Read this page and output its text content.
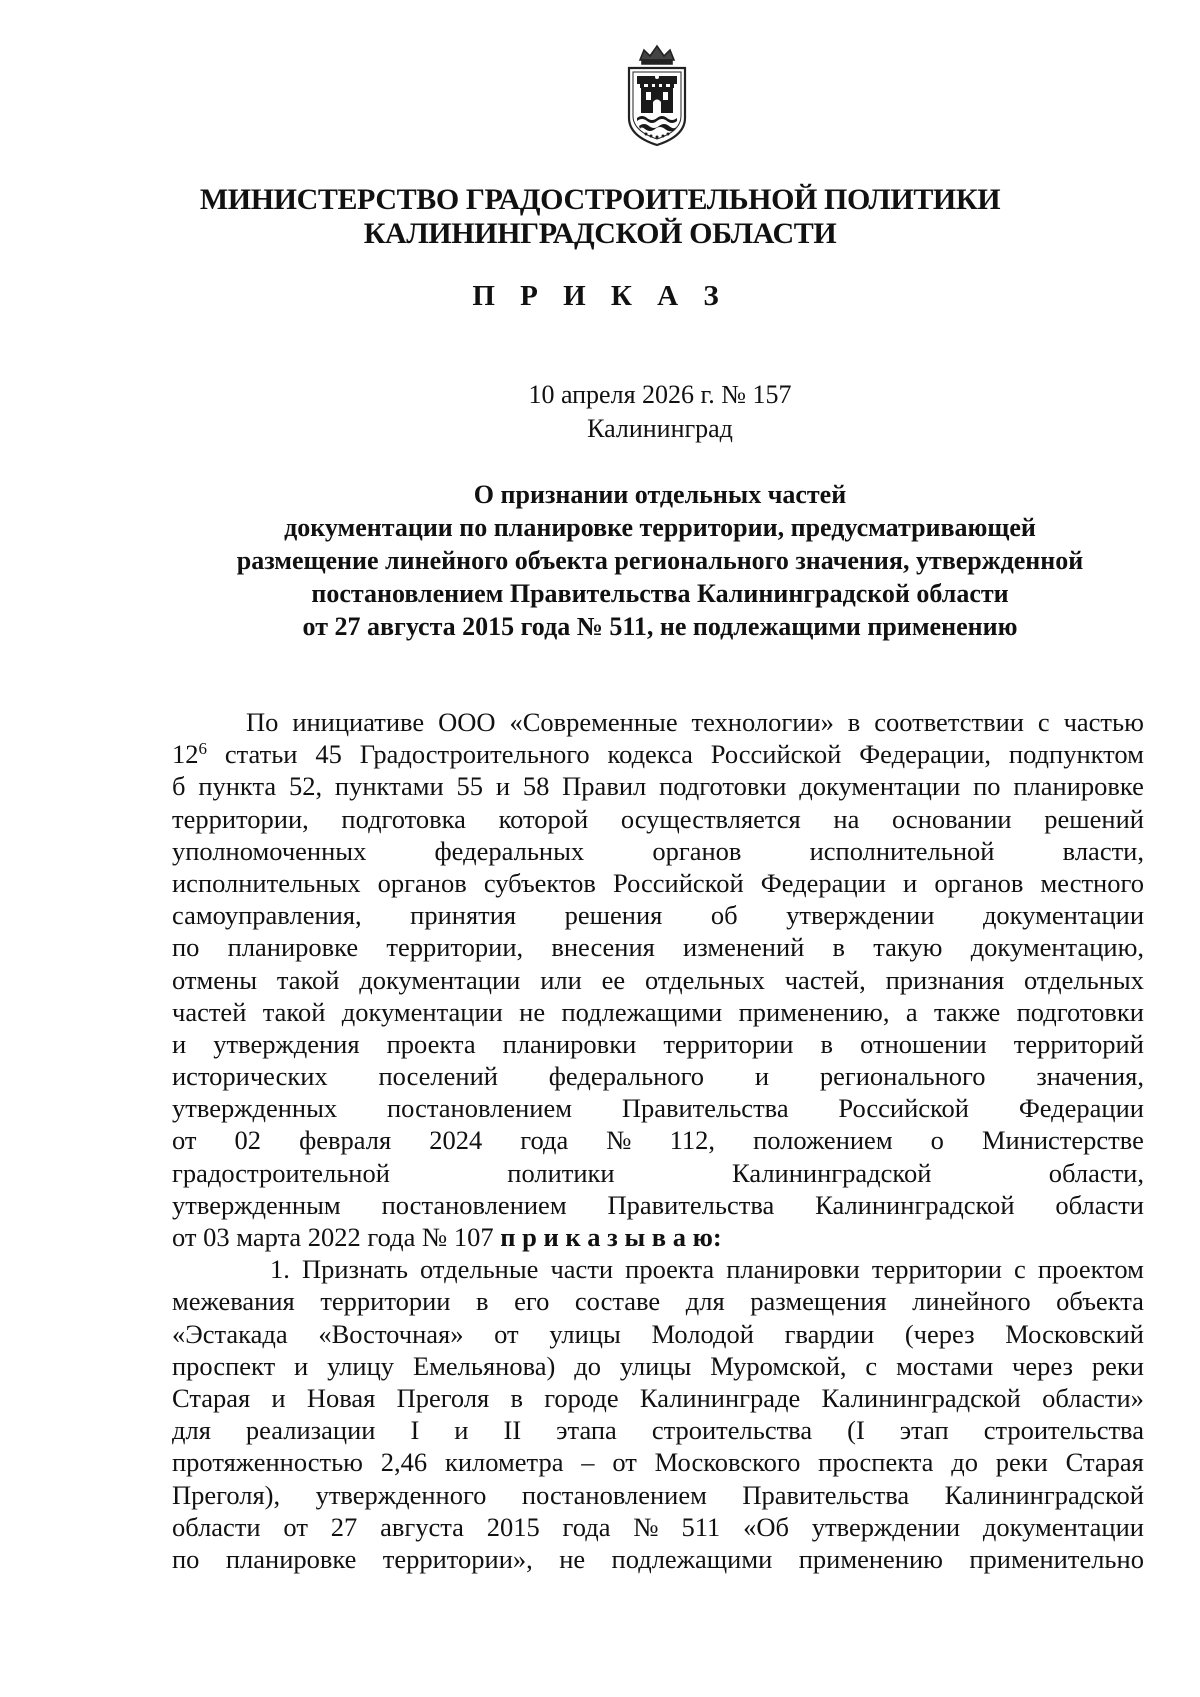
МИНИСТЕРСТВО ГРАДОСТРОИТЕЛЬНОЙ ПОЛИТИКИ
КАЛИНИНГРАДСКОЙ ОБЛАСТИ
П Р И К А З
10 апреля 2026 г. № 157
Калининград
О признании отдельных частей
документации по планировке территории, предусматривающей
размещение линейного объекта регионального значения, утвержденной
постановлением Правительства Калининградской области
от 27 августа 2015 года № 511, не подлежащими применению
По инициативе ООО «Современные технологии» в соответствии с частью
$12^6$ статьи 45 Градостроительного кодекса Российской Федерации, подпунктом
б пункта 52, пунктами 55 и 58 Правил подготовки документации по планировке
территории, подготовка которой осуществляется на основании решений
уполномоченных	федеральных	органов	исполнительной	власти,
исполнительных органов субъектов Российской Федерации и органов местного
самоуправления, принятия решения об утверждении документации
по планировке территории, внесения изменений в такую документацию,
отмены такой документации или ее отдельных частей, признания отдельных
частей такой документации не подлежащими применению, а также подготовки
и утверждения проекта планировки территории в отношении территорий
исторических поселений федерального и регионального значения,
утвержденных постановлением Правительства Российской Федерации
от 02 февраля 2024 года № 112, положением о Министерстве
градостроительной	политики	Калининградской	области,
утвержденным постановлением Правительства Калининградской области
от 03 марта 2022 года № 107
п р и к а з ы в а ю :
1. Признать отдельные части проекта планировки территории с проектом
межевания территории в его составе для размещения линейного объекта
«Эстакада «Восточная» от улицы Молодой гвардии (через Московский
проспект и улицу Емельянова) до улицы Муромской, с мостами через реки
Старая и Новая Преголя в городе Калининграде Калининградской области»
для реализации I и II этапа строительства (I этап строительства
протяженностью 2,46 километра – от Московского проспекта до реки Старая
Преголя), утвержденного постановлением Правительства Калининградской
области от 27 августа 2015 года № 511 «Об утверждении документации
по планировке территории», не подлежащими применению применительно
